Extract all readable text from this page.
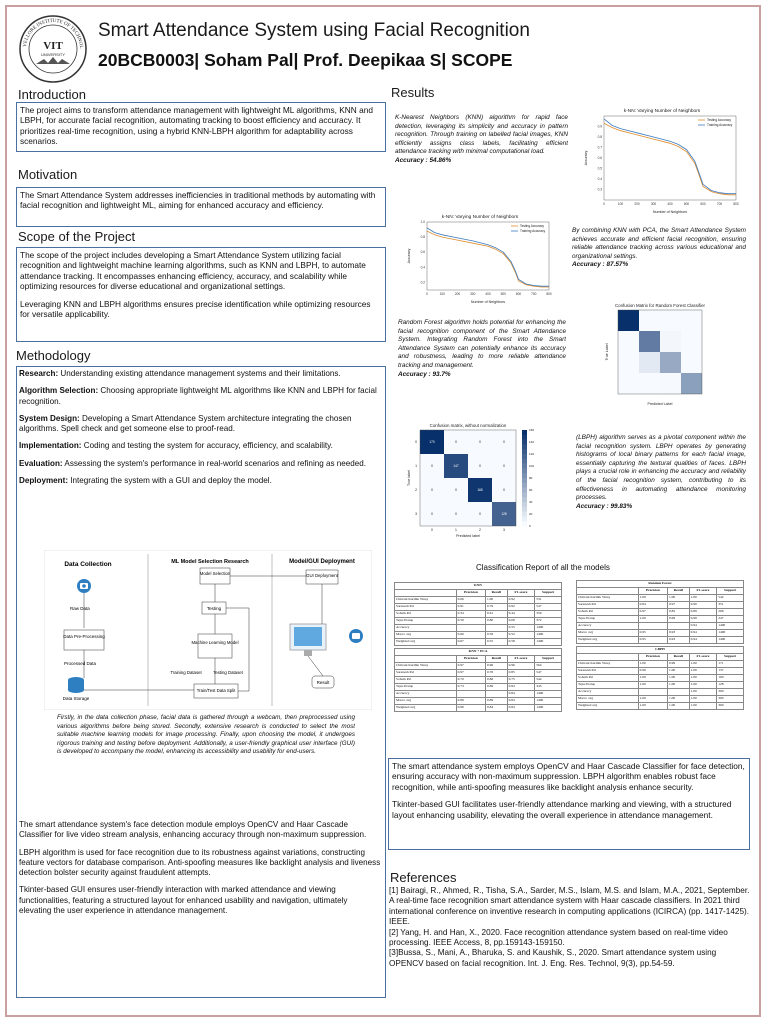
VELLORE INSTITUTE OF TECHNOL
VIT
UNIVERSITY
Smart Attendance System using Facial Recognition
20BCB0003| Soham Pal| Prof. Deepikaa S| SCOPE
Introduction
The project aims to transform attendance management with lightweight ML algorithms, KNN and LBPH, for accurate facial recognition, automating tracking to boost efficiency and accuracy. It prioritizes real-time recognition, using a hybrid KNN-LBPH algorithm for adaptability across scenarios.
Motivation
The Smart Attendance System addresses inefficiencies in traditional methods by automating with facial recognition and lightweight ML, aiming for enhanced accuracy and efficiency.
Scope of the Project

The scope of the project includes developing a Smart Attendance System utilizing facial recognition and lightweight machine learning algorithms, such as KNN and LBPH, to automate attendance tracking. It encompasses enhancing efficiency, accuracy, and scalability while optimizing resources for diverse educational and organizational settings.

Leveraging KNN and LBPH algorithms ensures precise identification while optimizing resources for versatile applicability.

Methodology

Research: Understanding existing attendance management systems and their limitations.

Algorithm Selection: Choosing appropriate lightweight ML algorithms like KNN and LBPH for facial recognition.

System Design: Developing a Smart Attendance System architecture integrating the chosen algorithms. Spell check and get someone else to proof-read.

Implementation: Coding and testing the system for accuracy, efficiency, and scalability.

Evaluation: Assessing the system's performance in real-world scenarios and refining as needed.

Deployment: Integrating the system with a GUI and deploy the model.

Data Collection	ML Model Selection Research	Model/GUI Deployment
Raw Data
Data Pre-Processing
Processed Data
Data Storage
Model Selection
Testing
Machine Learning Model
Training Dataset	Testing Dataset
Train/Test Data Split
GUI Deployment
Result
Firstly, in the data collection phase, facial data is gathered through a webcam, then preprocessed using various algorithms before being stored. Secondly, extensive research is conducted to select the most suitable machine learning models for image processing. Finally, upon choosing the model, it undergoes rigorous training and testing before deployment. Additionally, a user-friendly graphical user interface (GUI) is developed to accompany the model, enhancing its accessibility and usability for end-users.

The smart attendance system's face detection module employs OpenCV and Haar Cascade Classifier for live video stream analysis, enhancing accuracy through non-maximum suppression.

LBPH algorithm is used for face recognition due to its robustness against variations, constructing feature vectors for database comparison. Anti-spoofing measures like backlight analysis and liveness detection bolster security against fraudulent attempts.

Tkinter-based GUI ensures user-friendly interaction with marked attendance and viewing functionalities, featuring a structured layout for enhanced usability and navigation, ultimately elevating the user experience in attendance management.

Results
K-Nearest Neighbors (KNN) algorithm for rapid face detection, leveraging its simplicity and accuracy in pattern recognition. Through training on labelled facial images, KNN efficiently assigns class labels, facilitating efficient attendance tracking with minimal computational load.
Accuracy : 54.86%
k-NN: Varying Number of Neighbors
0	100	200	300	400	500	600	700	800
0.3
0.4
0.5
0.6
0.7
0.8
0.9
Number of Neighbors
Accuracy
Testing Accuracy
Training Accuracy
k-NN: Varying Number of Neighbors
0	100	200	300	400	500	600	700	800
0.2
0.4
0.6
0.8
1.0
Number of Neighbors
Accuracy
Testing Accuracy
Training Accuracy	By combining KNN with PCA, the Smart Attendance System achieves accurate and efficient facial recognition, ensuring reliable attendance tracking across various educational and organizational settings.
Accuracy : 87.57%
Random Forest algorithm holds potential for enhancing the facial recognition component of the Smart Attendance System. Integrating Random Forest into the Smart Attendance System can potentially enhance its accuracy and robustness, leading to more reliable attendance tracking and management.
Accuracy : 93.7%
Confusion Matrix for Random Forest Classifier
Predicted Label
True Label
Confusion matrix, without normalization
170	0	0	0
0	147	0	0
0	0	165	0
0	0	0	128
0
0
1
1
2
2
3
3
Predicted label
True label
0
20
40
60
80
100
120
140
160
(LBPH) algorithm serves as a pivotal component within the facial recognition system. LBPH operates by generating histograms of local binary patterns for each facial image, essentially capturing the textural qualities of faces. LBPH plays a crucial role in enhancing the accuracy and reliability of the facial recognition system, contributing to its effectiveness in automating attendance monitoring processes.
Accuracy : 99.83%
Classification Report of all the models
KNN				
	Precision	Recall	F1-score	Support
Chitrani Karthik Vinay	0.66	1.00	0.92	531
Saranesh Pal	0.91	0.79	0.92	547
Soham Pal	0.34	0.61	0.44	359
Tejas Pratap	0.50	0.80	0.08	372
Accuracy			0.55	1400
Macro avg	0.60	0.59	0.52	1400
Weighted avg	0.67	0.55	0.58	1400
KNN + PCA				
	Precision	Recall	F1-score	Support
Chitrani Karthik Vinay	0.97	0.96	0.96	564
Saranesh Pal	0.97	0.76	0.85	547
Soham Pal	0.70	0.86	0.75	544
Tejas Pratap	0.73	0.89	0.84	345
Accuracy			0.84	1400
Macro avg	0.86	0.89	0.84	1400
Weighted avg	0.90	0.84	0.84	1400
Random Forest				
	Precision	Recall	F1-score	Support
Chitrani Karthik Vinay	1.00	1.00	1.00	542
Saranesh Pal	0.84	0.97	0.90	351
Soham Pal	0.97	0.82	0.89	266
Tejas Pratap	1.00	0.99	0.99	247
Accuracy			0.94	1400
Macro avg	0.95	0.93	0.94	1400
Weighted avg	0.95	0.93	0.94	1400
LBPH				
	Precision	Recall	F1-score	Support
Chitrani Karthik Vinay	1.00	0.99	1.00	171
Saranesh Pal	0.99	1.00	1.00	137
Soham Pal	1.00	1.00	1.00	100
Tejas Pratap	1.00	1.00	1.00	128
Accuracy			1.00	300
Macro avg	1.00	1.00	1.00	300
Weighted avg	1.00	1.00	1.00	300

The smart attendance system employs OpenCV and Haar Cascade Classifier for face detection, ensuring accuracy with non-maximum suppression. LBPH algorithm enables robust face recognition, while anti-spoofing measures like backlight analysis enhance security.

Tkinter-based GUI facilitates user-friendly attendance marking and viewing, with a structured layout enhancing usability, elevating the overall experience in attendance management.

References

[1] Bairagi, R., Ahmed, R., Tisha, S.A., Sarder, M.S., Islam, M.S. and Islam, M.A., 2021, September. A real-time face recognition smart attendance system with Haar cascade classifiers. In 2021 third international conference on inventive research in computing applications (ICIRCA) (pp. 1417-1425). IEEE.

[2] Yang, H. and Han, X., 2020. Face recognition attendance system based on real-time video processing. IEEE Access, 8, pp.159143-159150.

[3]Bussa, S., Mani, A., Bharuka, S. and Kaushik, S., 2020. Smart attendance system using OPENCV based on facial recognition. Int. J. Eng. Res. Technol, 9(3), pp.54-59.
